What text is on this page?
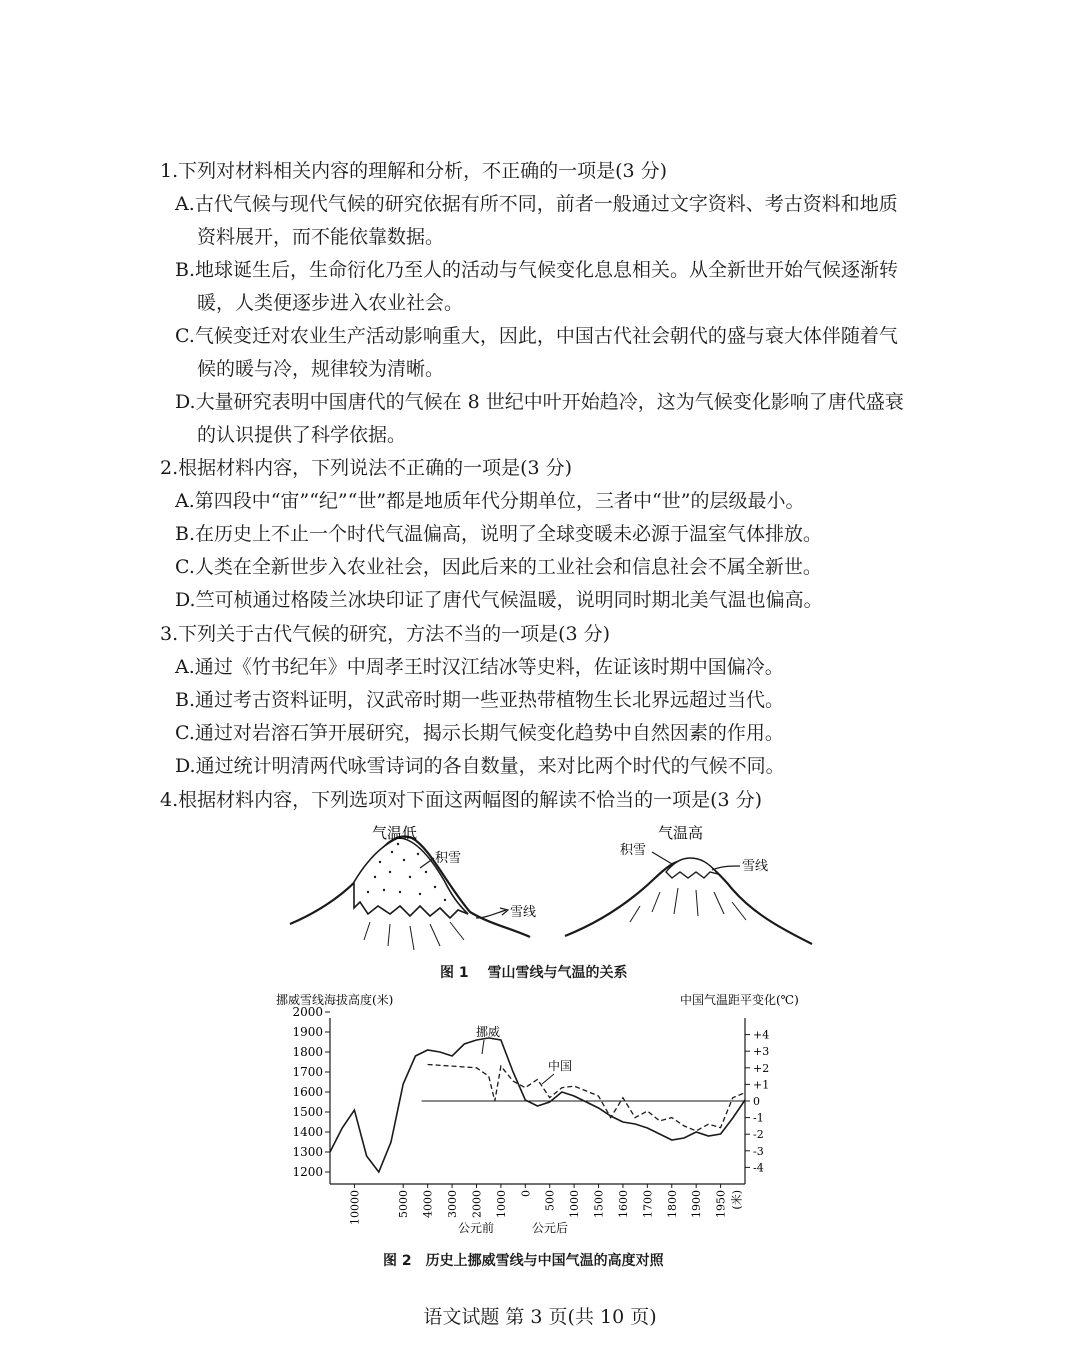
1.下列对材料相关内容的理解和分析，不正确的一项是(3 分)
A.古代气候与现代气候的研究依据有所不同，前者一般通过文字资料、考古资料和地质
资料展开，而不能依靠数据。
B.地球诞生后，生命衍化乃至人的活动与气候变化息息相关。从全新世开始气候逐渐转
暖，人类便逐步进入农业社会。
C.气候变迁对农业生产活动影响重大，因此，中国古代社会朝代的盛与衰大体伴随着气
候的暖与冷，规律较为清晰。
D.大量研究表明中国唐代的气候在 8 世纪中叶开始趋冷，这为气候变化影响了唐代盛衰
的认识提供了科学依据。
2.根据材料内容，下列说法不正确的一项是(3 分)
A.第四段中“宙”“纪”“世”都是地质年代分期单位，三者中“世”的层级最小。
B.在历史上不止一个时代气温偏高，说明了全球变暖未必源于温室气体排放。
C.人类在全新世步入农业社会，因此后来的工业社会和信息社会不属全新世。
D.竺可桢通过格陵兰冰块印证了唐代气候温暖，说明同时期北美气温也偏高。
3.下列关于古代气候的研究，方法不当的一项是(3 分)
A.通过《竹书纪年》中周孝王时汉江结冰等史料，佐证该时期中国偏冷。
B.通过考古资料证明，汉武帝时期一些亚热带植物生长北界远超过当代。
C.通过对岩溶石笋开展研究，揭示长期气候变化趋势中自然因素的作用。
D.通过统计明清两代咏雪诗词的各自数量，来对比两个时代的气候不同。
4.根据材料内容，下列选项对下面这两幅图的解读不恰当的一项是(3 分)
气温低
积雪
雪线
气温高
积雪
雪线
图 1 雪山雪线与气温的关系
挪威雪线海拔高度(米)	中国气温距平变化(℃)
2000
1900
1800
1700
1600
1500
1400
1300
1200
+4
+3
+2
+1
0
-1
-2
-3
-4
10000	5000 4000 3000 2000 1000 0 500 1000 1500 1600 1700 1800 1900 1950 (米)
挪威
中国
公元前	公元后
图 2　历史上挪威雪线与中国气温的高度对照
语文试题 第 3 页(共 10 页)
